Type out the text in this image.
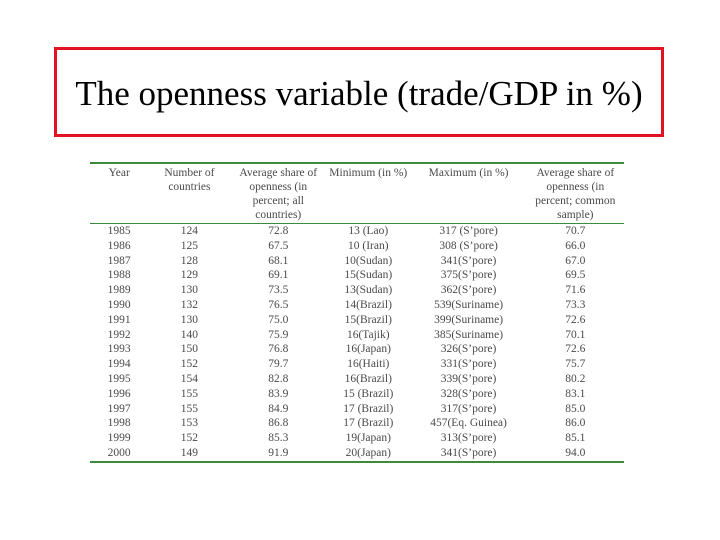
The openness variable (trade/GDP in %)
Year	Number of countries	Average share of openness (in percent; all countries)	Minimum (in %)	Maximum (in %)	Average share of openness (in percent; common sample)
1985	124	72.8	13 (Lao)	317 (S’pore)	70.7
1986	125	67.5	10 (Iran)	308 (S’pore)	66.0
1987	128	68.1	10(Sudan)	341(S’pore)	67.0
1988	129	69.1	15(Sudan)	375(S’pore)	69.5
1989	130	73.5	13(Sudan)	362(S’pore)	71.6
1990	132	76.5	14(Brazil)	539(Suriname)	73.3
1991	130	75.0	15(Brazil)	399(Suriname)	72.6
1992	140	75.9	16(Tajik)	385(Suriname)	70.1
1993	150	76.8	16(Japan)	326(S’pore)	72.6
1994	152	79.7	16(Haiti)	331(S’pore)	75.7
1995	154	82.8	16(Brazil)	339(S’pore)	80.2
1996	155	83.9	15 (Brazil)	328(S’pore)	83.1
1997	155	84.9	17 (Brazil)	317(S’pore)	85.0
1998	153	86.8	17 (Brazil)	457(Eq. Guinea)	86.0
1999	152	85.3	19(Japan)	313(S’pore)	85.1
2000	149	91.9	20(Japan)	341(S’pore)	94.0
